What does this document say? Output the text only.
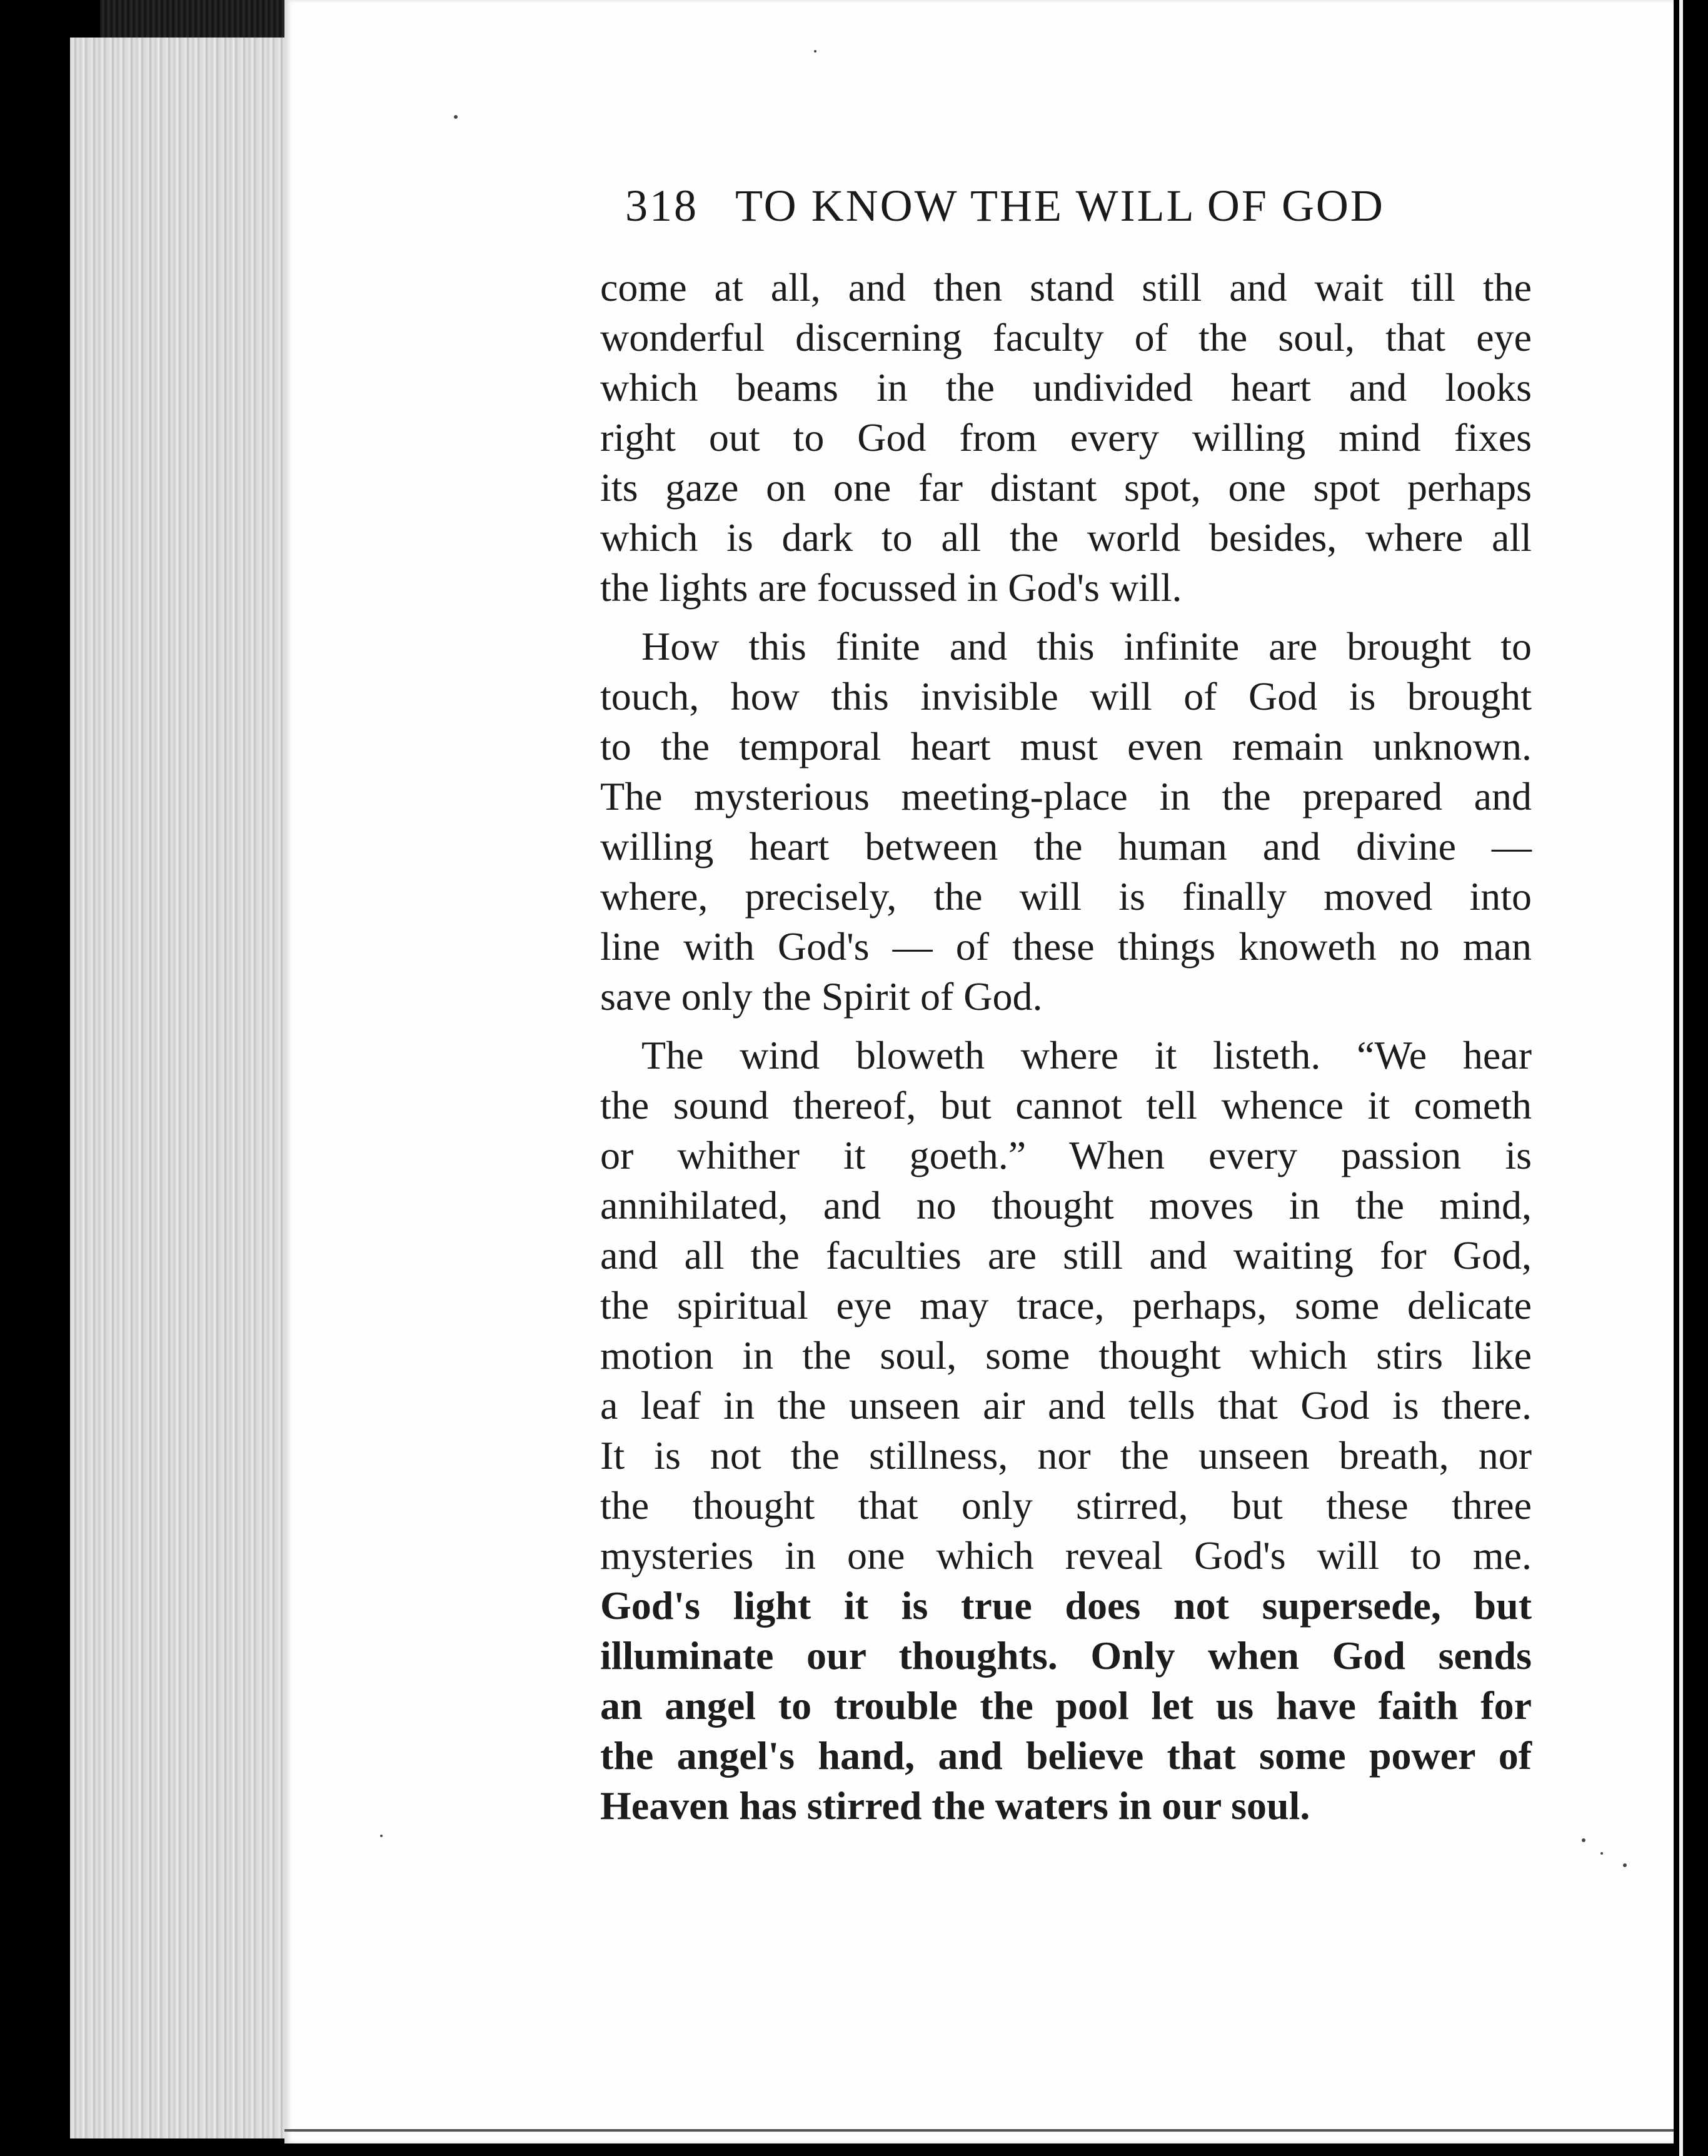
318 TO KNOW THE WILL OF GOD
come at all, and then stand still and wait till the
wonderful discerning faculty of the soul, that eye
which beams in the undivided heart and looks
right out to God from every willing mind fixes
its gaze on one far distant spot, one spot perhaps
which is dark to all the world besides, where all
the lights are focussed in God's will.
How this finite and this infinite are brought to
touch, how this invisible will of God is brought
to the temporal heart must even remain unknown.
The mysterious meeting-place in the prepared and
willing heart between the human and divine —
where, precisely, the will is finally moved into
line with God's — of these things knoweth no man
save only the Spirit of God.
The wind bloweth where it listeth. “We hear
the sound thereof, but cannot tell whence it cometh
or whither it goeth.” When every passion is
annihilated, and no thought moves in the mind,
and all the faculties are still and waiting for God,
the spiritual eye may trace, perhaps, some delicate
motion in the soul, some thought which stirs like
a leaf in the unseen air and tells that God is there.
It is not the stillness, nor the unseen breath, nor
the thought that only stirred, but these three
mysteries in one which reveal God's will to me.
God's light it is true does not supersede, but
illuminate our thoughts. Only when God sends
an angel to trouble the pool let us have faith for
the angel's hand, and believe that some power of
Heaven has stirred the waters in our soul.
